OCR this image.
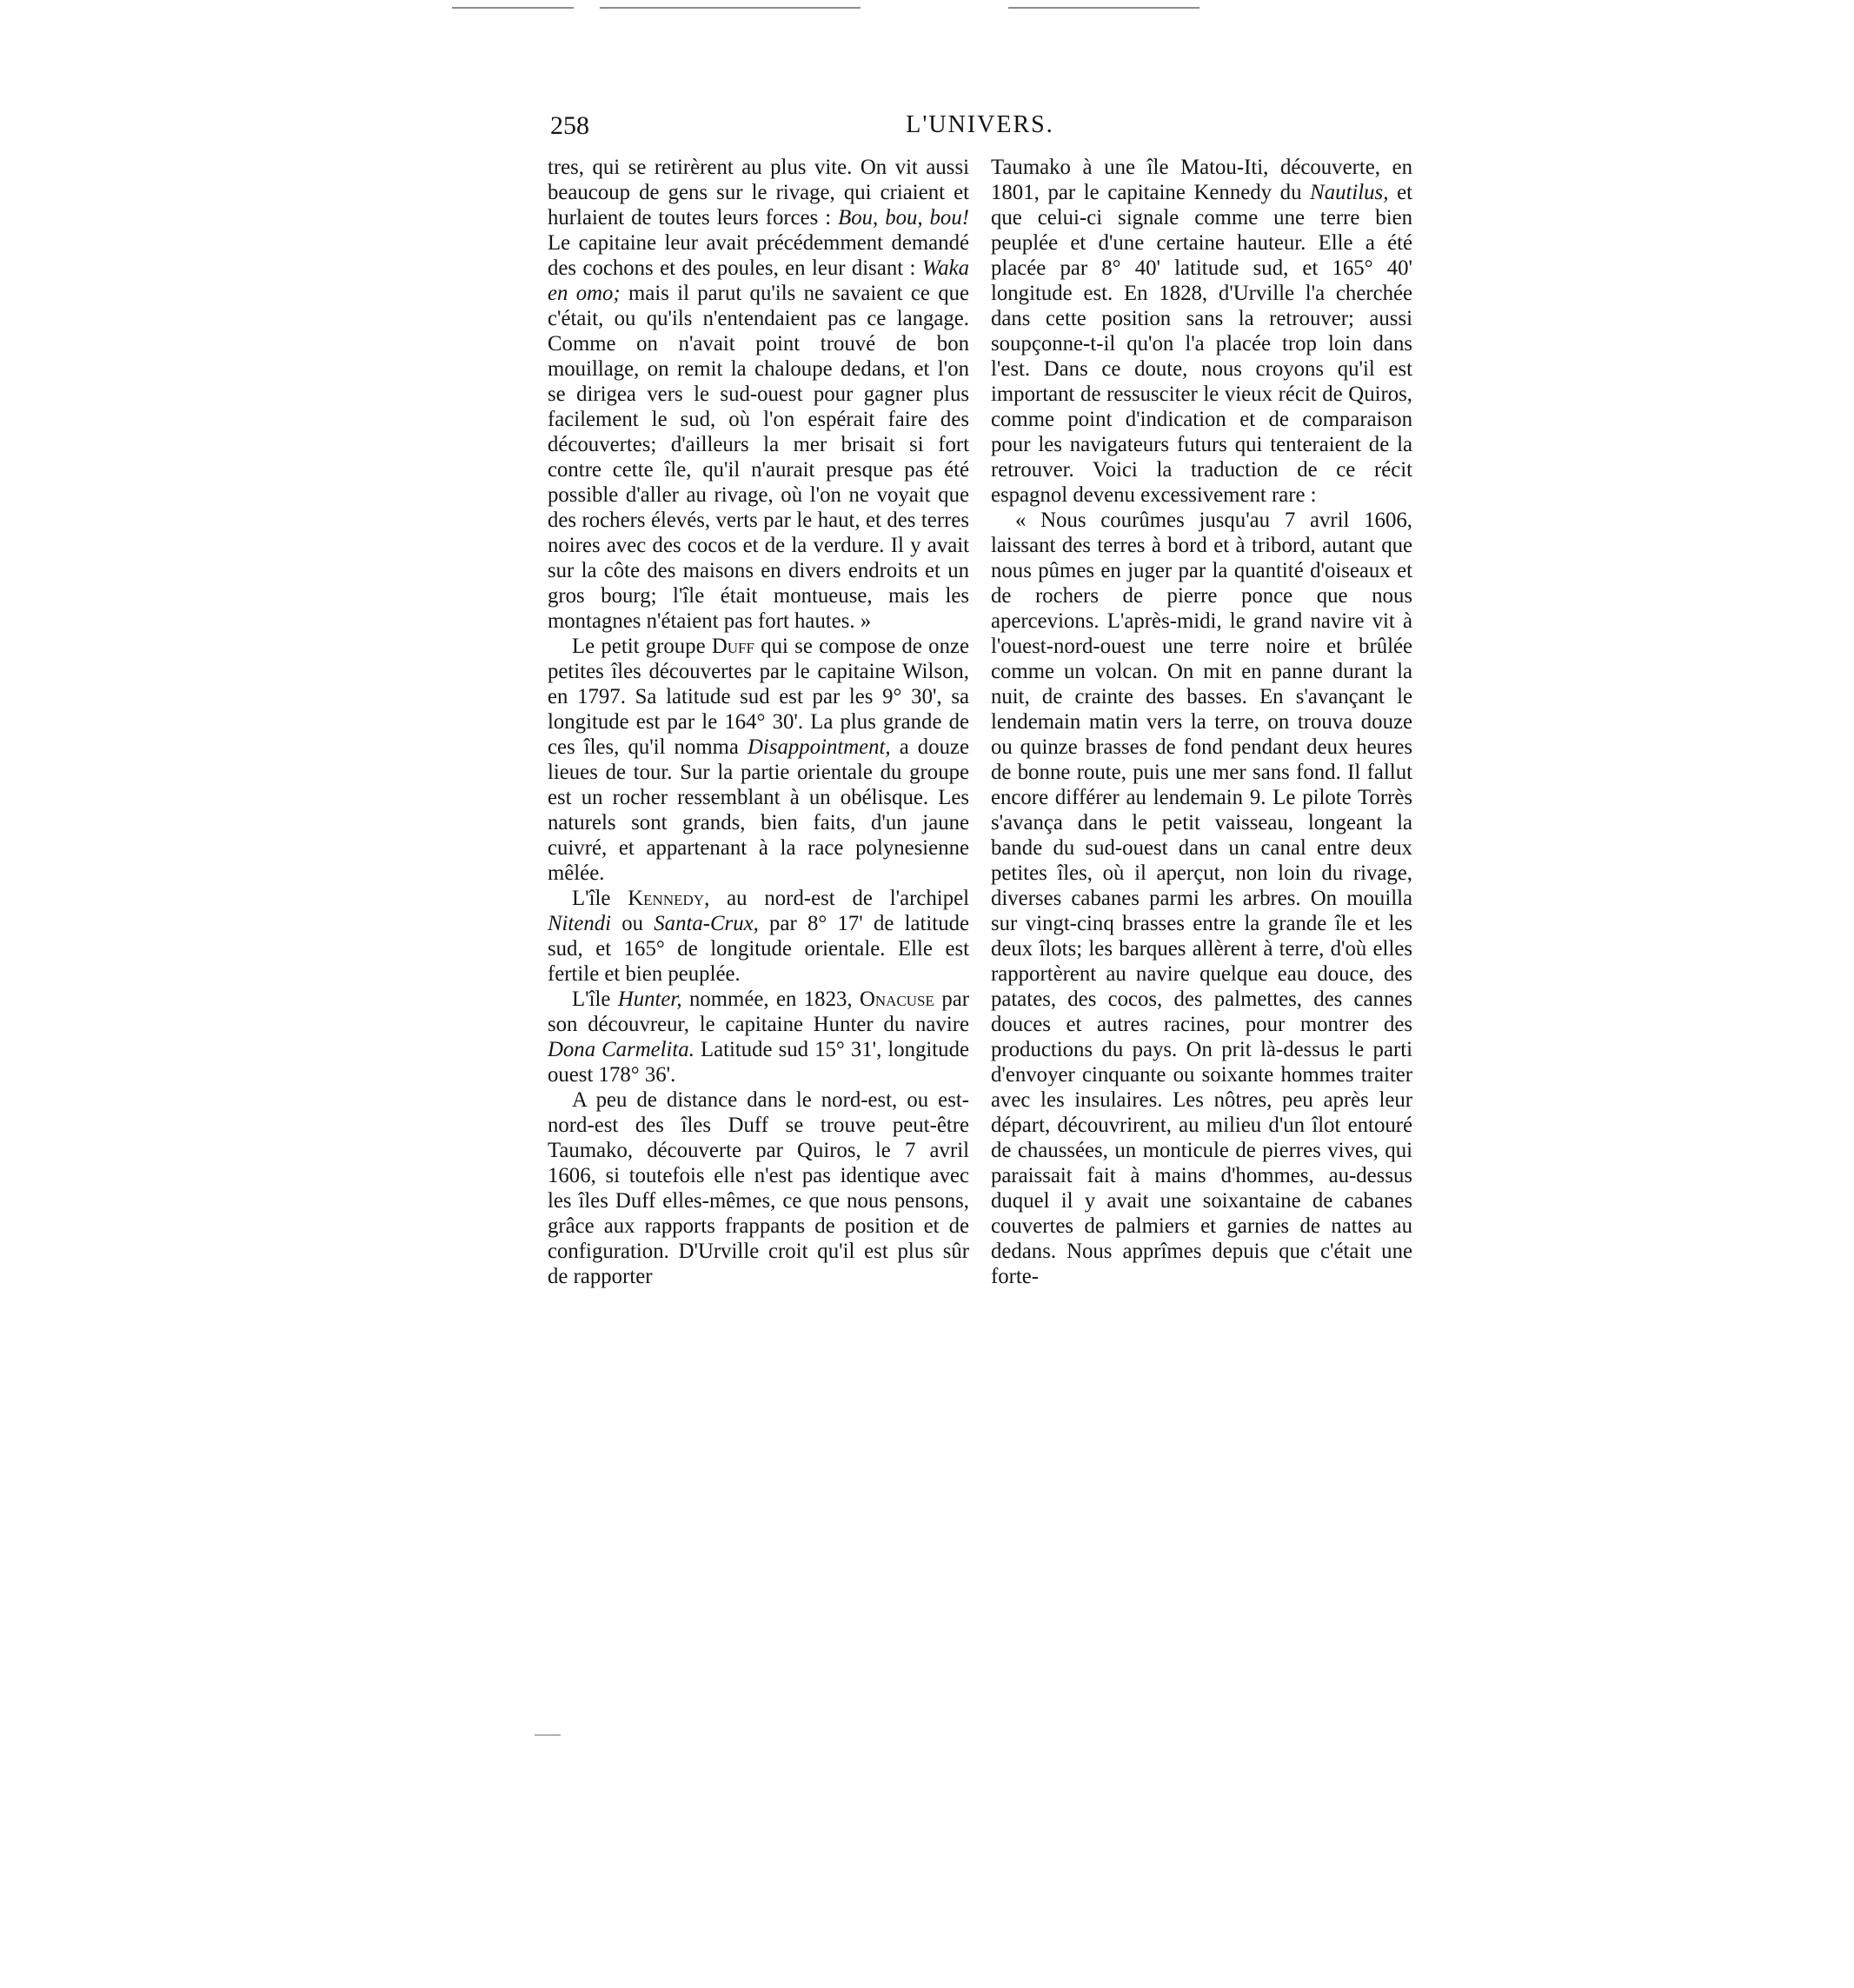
258	L'UNIVERS.

tres, qui se retirèrent au plus vite. On vit aussi beaucoup de gens sur le rivage, qui criaient et hurlaient de toutes leurs forces : Bou, bou, bou! Le capitaine leur avait précédemment demandé des cochons et des poules, en leur disant : Waka en omo; mais il parut qu'ils ne savaient ce que c'était, ou qu'ils n'entendaient pas ce langage. Comme on n'avait point trouvé de bon mouillage, on remit la chaloupe dedans, et l'on se dirigea vers le sud-ouest pour gagner plus facilement le sud, où l'on espérait faire des découvertes; d'ailleurs la mer brisait si fort contre cette île, qu'il n'aurait presque pas été possible d'aller au rivage, où l'on ne voyait que des rochers élevés, verts par le haut, et des terres noires avec des cocos et de la verdure. Il y avait sur la côte des maisons en divers endroits et un gros bourg; l'île était montueuse, mais les montagnes n'étaient pas fort hautes. »

Le petit groupe Duff qui se compose de onze petites îles découvertes par le capitaine Wilson, en 1797. Sa latitude sud est par les 9° 30', sa longitude est par le 164° 30'. La plus grande de ces îles, qu'il nomma Disappointment, a douze lieues de tour. Sur la partie orientale du groupe est un rocher ressemblant à un obélisque. Les naturels sont grands, bien faits, d'un jaune cuivré, et appartenant à la race polynesienne mêlée.

L'île Kennedy, au nord-est de l'archipel Nitendi ou Santa-Crux, par 8° 17' de latitude sud, et 165° de longitude orientale. Elle est fertile et bien peuplée.

L'île Hunter, nommée, en 1823, Onacuse par son découvreur, le capitaine Hunter du navire Dona Carmelita. Latitude sud 15° 31', longitude ouest 178° 36'.

A peu de distance dans le nord-est, ou est-nord-est des îles Duff se trouve peut-être Taumako, découverte par Quiros, le 7 avril 1606, si toutefois elle n'est pas identique avec les îles Duff elles-mêmes, ce que nous pensons, grâce aux rapports frappants de position et de configuration. D'Urville croit qu'il est plus sûr de rapporter

Taumako à une île Matou-Iti, découverte, en 1801, par le capitaine Kennedy du Nautilus, et que celui-ci signale comme une terre bien peuplée et d'une certaine hauteur. Elle a été placée par 8° 40' latitude sud, et 165° 40' longitude est. En 1828, d'Urville l'a cherchée dans cette position sans la retrouver; aussi soupçonne-t-il qu'on l'a placée trop loin dans l'est. Dans ce doute, nous croyons qu'il est important de ressusciter le vieux récit de Quiros, comme point d'indication et de comparaison pour les navigateurs futurs qui tenteraient de la retrouver. Voici la traduction de ce récit espagnol devenu excessivement rare :

« Nous courûmes jusqu'au 7 avril 1606, laissant des terres à bord et à tribord, autant que nous pûmes en juger par la quantité d'oiseaux et de rochers de pierre ponce que nous apercevions. L'après-midi, le grand navire vit à l'ouest-nord-ouest une terre noire et brûlée comme un volcan. On mit en panne durant la nuit, de crainte des basses. En s'avançant le lendemain matin vers la terre, on trouva douze ou quinze brasses de fond pendant deux heures de bonne route, puis une mer sans fond. Il fallut encore différer au lendemain 9. Le pilote Torrès s'avança dans le petit vaisseau, longeant la bande du sud-ouest dans un canal entre deux petites îles, où il aperçut, non loin du rivage, diverses cabanes parmi les arbres. On mouilla sur vingt-cinq brasses entre la grande île et les deux îlots; les barques allèrent à terre, d'où elles rapportèrent au navire quelque eau douce, des patates, des cocos, des palmettes, des cannes douces et autres racines, pour montrer des productions du pays. On prit là-dessus le parti d'envoyer cinquante ou soixante hommes traiter avec les insulaires. Les nôtres, peu après leur départ, découvrirent, au milieu d'un îlot entouré de chaussées, un monticule de pierres vives, qui paraissait fait à mains d'hommes, au-dessus duquel il y avait une soixantaine de cabanes couvertes de palmiers et garnies de nattes au dedans. Nous apprîmes depuis que c'était une forte-
